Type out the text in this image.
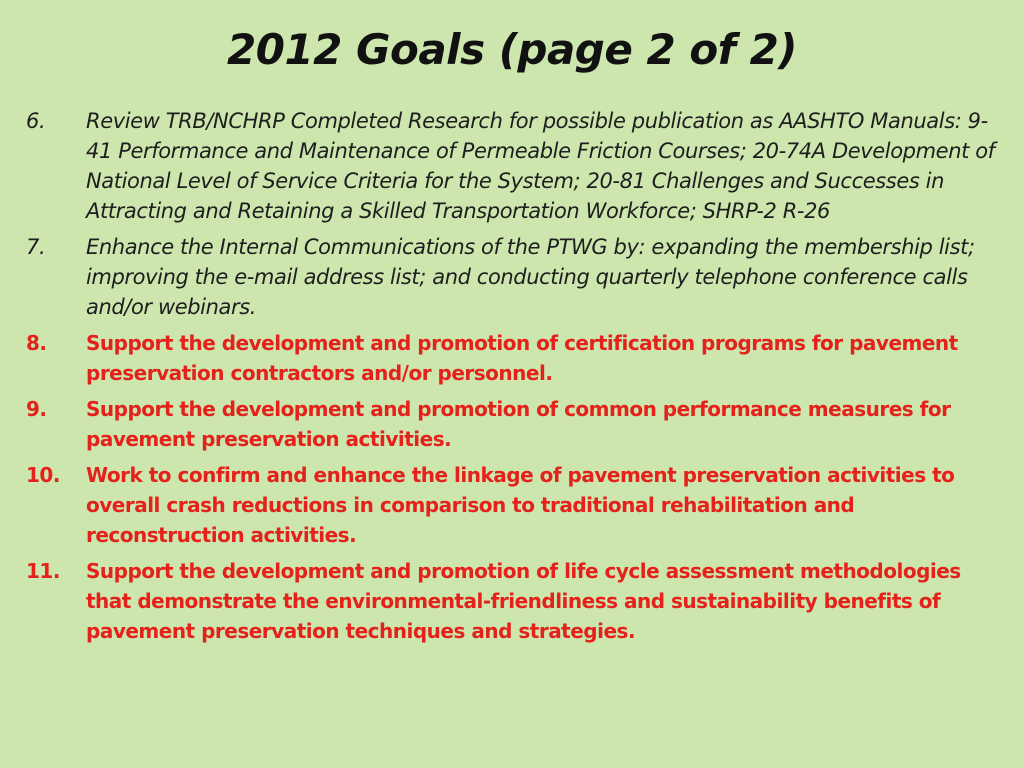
2012 Goals (page 2 of 2)
6.	Review TRB/NCHRP Completed Research for possible publication as AASHTO Manuals: 9-41 Performance and Maintenance of Permeable Friction Courses; 20-74A Development of National Level of Service Criteria for the System; 20-81 Challenges and Successes in Attracting and Retaining a Skilled Transportation Workforce; SHRP-2 R-26
7.	Enhance the Internal Communications of the PTWG by: expanding the membership list; improving the e-mail address list; and conducting quarterly telephone conference calls and/or webinars.
8.	Support the development and promotion of certification programs for pavement preservation contractors and/or personnel.
9.	Support the development and promotion of common performance measures for pavement preservation activities.
10.	Work to confirm and enhance the linkage of pavement preservation activities to overall crash reductions in comparison to traditional rehabilitation and reconstruction activities.
11.	Support the development and promotion of life cycle assessment methodologies that demonstrate the environmental-friendliness and sustainability benefits of pavement preservation techniques and strategies.
